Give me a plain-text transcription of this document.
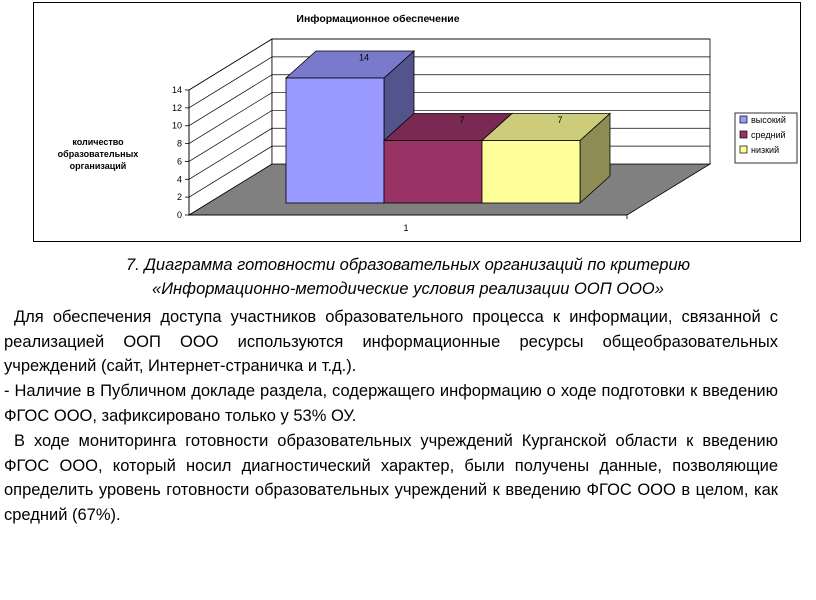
Информационное обеспечение
0
2
4
6
8
10
12
14
14
7	7
количество
образовательных
организаций
1
высокий
средний
низкий
7. Диаграмма готовности образовательных организаций по критерию
«Информационно-методические условия реализации ООП ООО»

Для обеспечения доступа участников образовательного процесса к информации, связанной с реализацией ООП ООО используются информационные ресурсы общеобразовательных учреждений (сайт, Интернет-страничка и т.д.).

- Наличие в Публичном докладе раздела, содержащего информацию о ходе подготовки к введению ФГОС ООО, зафиксировано только у 53% ОУ.

В ходе мониторинга готовности образовательных учреждений Курганской области к введению ФГОС ООО, который носил диагностический характер, были получены данные, позволяющие определить уровень готовности образовательных учреждений к введению ФГОС ООО в целом, как средний (67%).
